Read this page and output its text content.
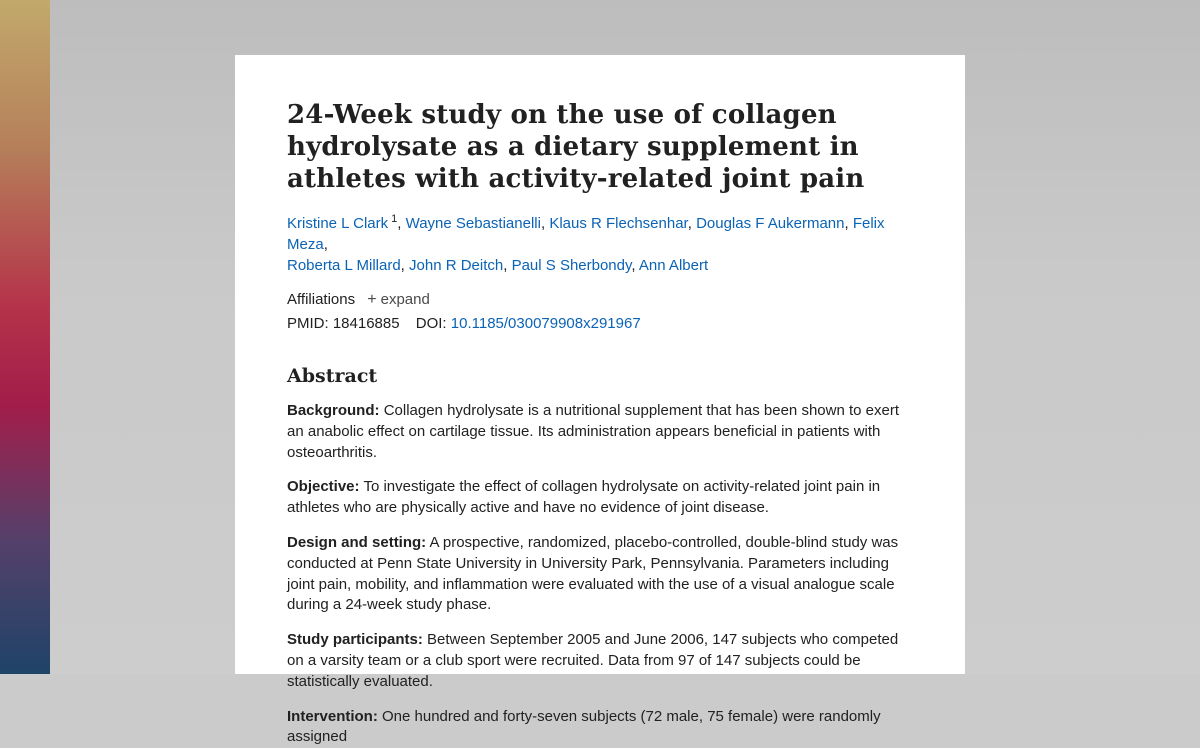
24-Week study on the use of collagen hydrolysate as a dietary supplement in athletes with activity-related joint pain
Kristine L Clark $^1$, Wayne Sebastianelli, Klaus R Flechsenhar, Douglas F Aukermann, Felix Meza,
Roberta L Millard, John R Deitch, Paul S Sherbondy, Ann Albert
Affiliations + expand
PMID: 18416885 DOI: 10.1185/030079908x291967
Abstract

Background: Collagen hydrolysate is a nutritional supplement that has been shown to exert an anabolic effect on cartilage tissue. Its administration appears beneficial in patients with osteoarthritis.

Objective: To investigate the effect of collagen hydrolysate on activity-related joint pain in athletes who are physically active and have no evidence of joint disease.

Design and setting: A prospective, randomized, placebo-controlled, double-blind study was conducted at Penn State University in University Park, Pennsylvania. Parameters including joint pain, mobility, and inflammation were evaluated with the use of a visual analogue scale during a 24-week study phase.

Study participants: Between September 2005 and June 2006, 147 subjects who competed on a varsity team or a club sport were recruited. Data from 97 of 147 subjects could be statistically evaluated.

Intervention: One hundred and forty-seven subjects (72 male, 75 female) were randomly assigned
